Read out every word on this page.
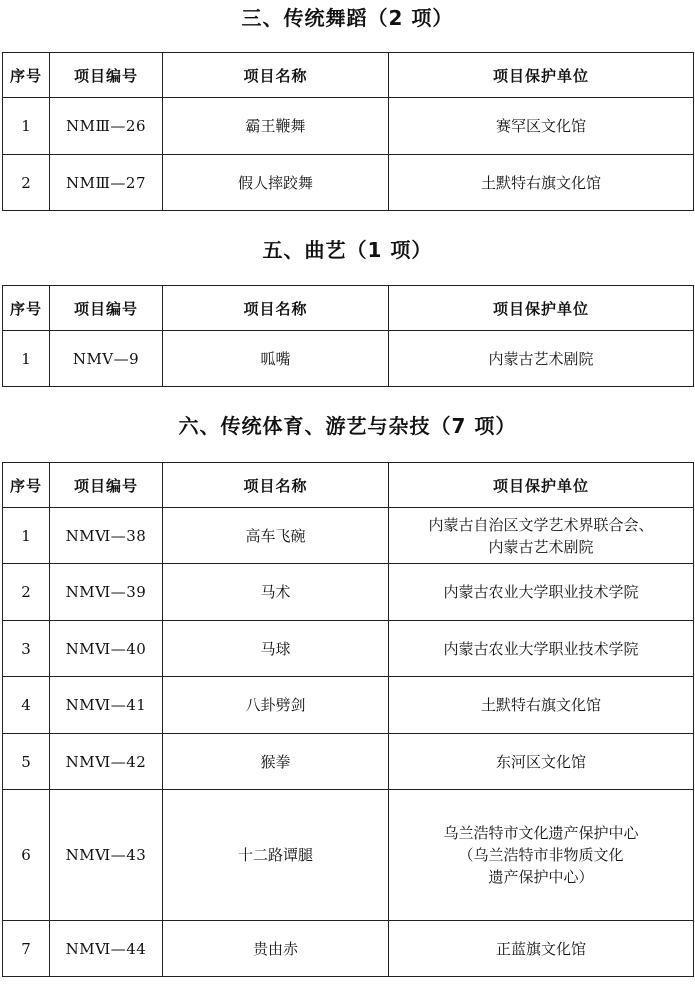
三、传统舞蹈（2 项）
序号	项目编号	项目名称	项目保护单位
1	NMⅢ—26	霸王鞭舞	赛罕区文化馆
2	NMⅢ—27	假人摔跤舞	土默特右旗文化馆
五、曲艺（1 项）
序号	项目编号	项目名称	项目保护单位
1	NMⅤ—9	呱嘴	内蒙古艺术剧院
六、传统体育、游艺与杂技（7 项）
序号	项目编号	项目名称	项目保护单位
1	NMⅥ—38	高车飞碗	内蒙古自治区文学艺术界联合会、
内蒙古艺术剧院
2	NMⅥ—39	马术	内蒙古农业大学职业技术学院
3	NMⅥ—40	马球	内蒙古农业大学职业技术学院
4	NMⅥ—41	八卦劈剑	土默特右旗文化馆
5	NMⅥ—42	猴拳	东河区文化馆
6	NMⅥ—43	十二路谭腿	乌兰浩特市文化遗产保护中心
（乌兰浩特市非物质文化
遗产保护中心）
7	NMⅥ—44	贵由赤	正蓝旗文化馆
